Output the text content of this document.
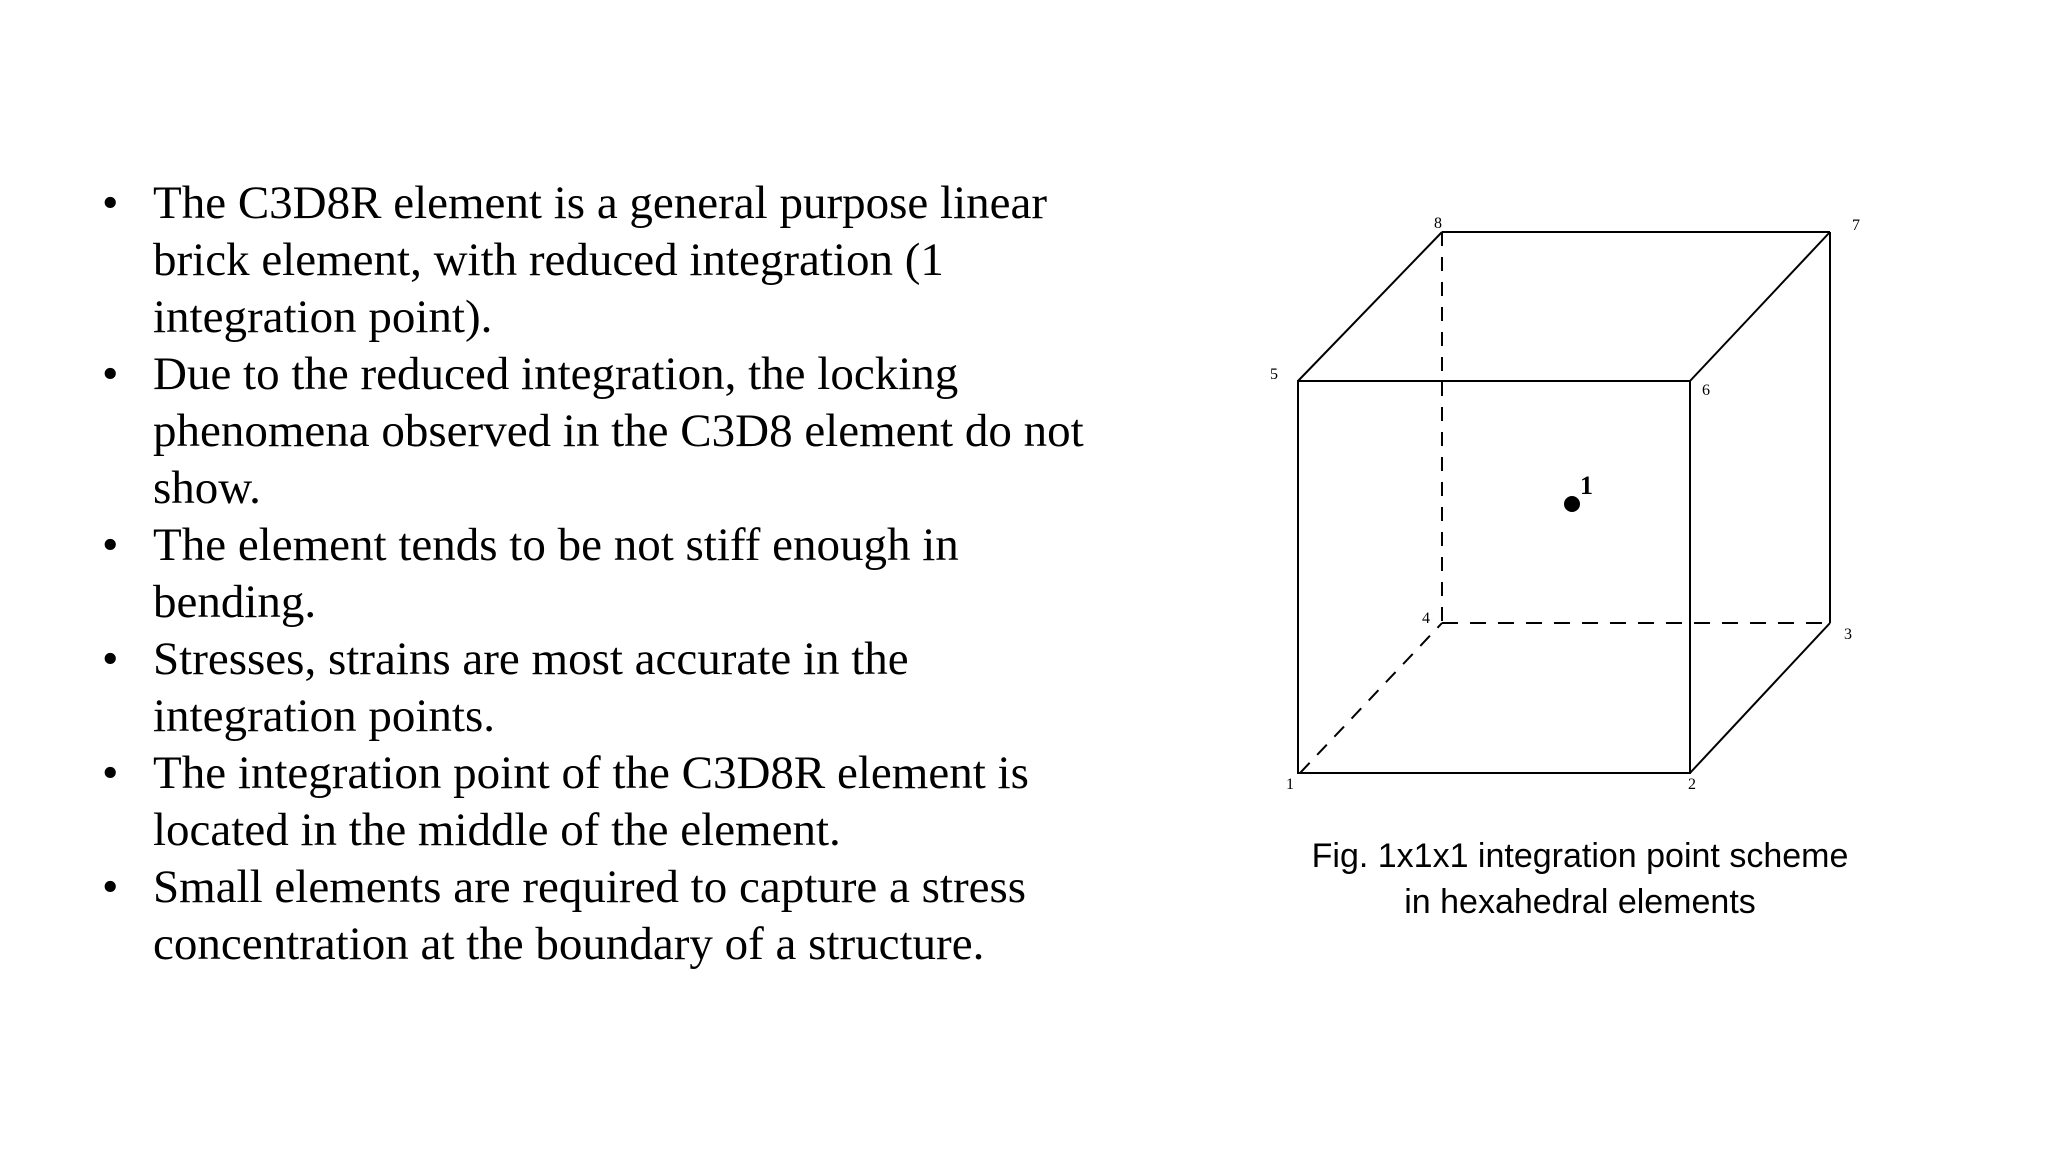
• The C3D8R element is a general purpose linear brick element, with reduced integration (1 integration point).
• Due to the reduced integration, the locking phenomena observed in the C3D8 element do not show.
• The element tends to be not stiff enough in bending.
• Stresses, strains are most accurate in the integration points.
• The integration point of the C3D8R element is located in the middle of the element.
• Small elements are required to capture a stress concentration at the boundary of a structure.
1
1	2
3
4
5
6
7
8
Fig. 1x1x1 integration point scheme
in hexahedral elements
